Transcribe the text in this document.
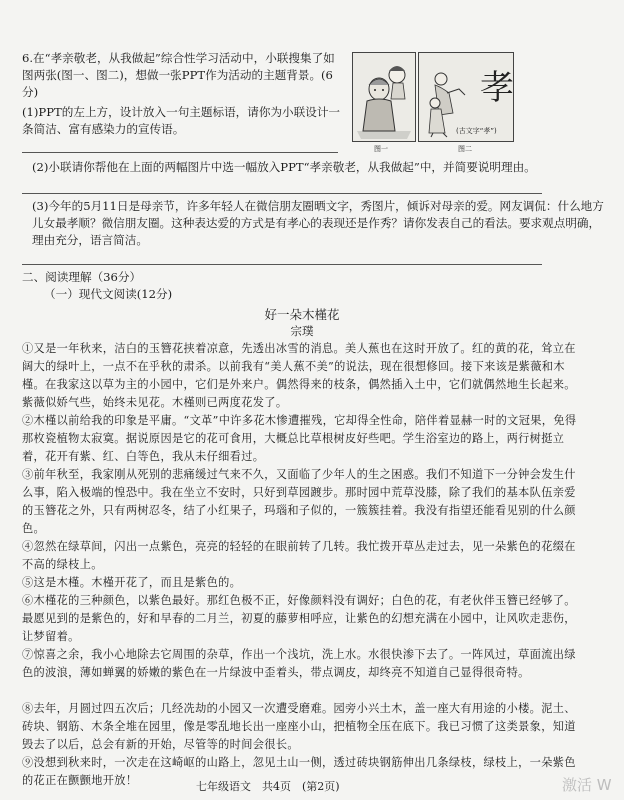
6.在“孝亲敬老，从我做起”综合性学习活动中，小联搜集了如图两张(图一、图二)，想做一张PPT作为活动的主题背景。(6分)
(1)PPT的左上方，设计放入一句主题标语，请你为小联设计一条简洁、富有感染力的宣传语。
图一
孝
(古文字“孝”)
图二
(2)小联请你帮他在上面的两幅图片中选一幅放入PPT“孝亲敬老，从我做起”中，并简要说明理由。
(3)今年的5月11日是母亲节，许多年轻人在微信朋友圈晒文字，秀图片，倾诉对母亲的爱。网友调侃：什么地方儿女最孝顺？微信朋友圈。这种表达爱的方式是有孝心的表现还是作秀？请你发表自己的看法。要求观点明确，理由充分，语言简洁。
二、阅读理解（36分）
（一）现代文阅读(12分)
好一朵木槿花
宗璞
①又是一年秋来，洁白的玉簪花挟着凉意，先透出冰雪的消息。美人蕉也在这时开放了。红的黄的花，耸立在阔大的绿叶上，一点不在乎秋的肃杀。以前我有“美人蕉不美”的说法，现在很想修回。接下来该是紫薇和木槿。在我家这以草为主的小园中，它们是外来户。偶然得来的枝条，偶然插入土中，它们就偶然地生长起来。紫薇似娇气些，始终未见花。木槿则已两度花发了。
②木槿以前给我的印象是平庸。“文革”中许多花木惨遭摧残，它却得全性命，陪伴着显赫一时的文冠果，免得那枚瓷植物太寂寞。据说原因是它的花可食用，大概总比草根树皮好些吧。学生浴室边的路上，两行树挺立着，花开有紫、红、白等色，我从未仔细看过。
③前年秋至，我家刚从死别的悲痛缓过气来不久，又面临了少年人的生之困惑。我们不知道下一分钟会发生什么事，陷入极端的惶恐中。我在坐立不安时，只好到草园踱步。那时园中荒草没膝，除了我们的基本队伍亲爱的玉簪花之外，只有两树忍冬，结了小红果子，玛瑙和子似的，一簇簇挂着。我没有指望还能看见别的什么颜色。
④忽然在绿草间，闪出一点紫色，亮亮的轻轻的在眼前转了几转。我忙拨开草丛走过去，见一朵紫色的花缀在不高的绿枝上。
⑤这是木槿。木槿开花了，而且是紫色的。
⑥木槿花的三种颜色，以紫色最好。那红色极不正，好像颜料没有调好；白色的花，有老伙伴玉簪已经够了。最愿见到的是紫色的，好和早春的二月兰，初夏的藤萝相呼应，让紫色的幻想充满在小园中，让风吹走悲伤，让梦留着。
⑦惊喜之余，我小心地除去它周围的杂草，作出一个浅坑，洗上水。水很快渗下去了。一阵风过，草面流出绿色的波浪，薄如蝉翼的娇嫩的紫色在一片绿波中歪着头，带点调皮，却终亮不知道自己显得很奇特。
⑧去年，月圆过四五次后；几经冼劫的小园又一次遭受磨难。园旁小兴土木，盖一座大有用途的小楼。泥土、砖块、钢筋、木条全堆在园里，像是零乱地长出一座座小山，把植物全压在底下。我已习惯了这类景象，知道毁去了以后，总会有新的开始，尽管等的时间会很长。
⑨没想到秋来时，一次走在这崎岖的山路上，忽见土山一侧，透过砖块钢筋伸出几条绿枝，绿枝上，一朵紫色的花正在颤颤地开放！	七年级语文　共4页　(第2页)	激活 W
